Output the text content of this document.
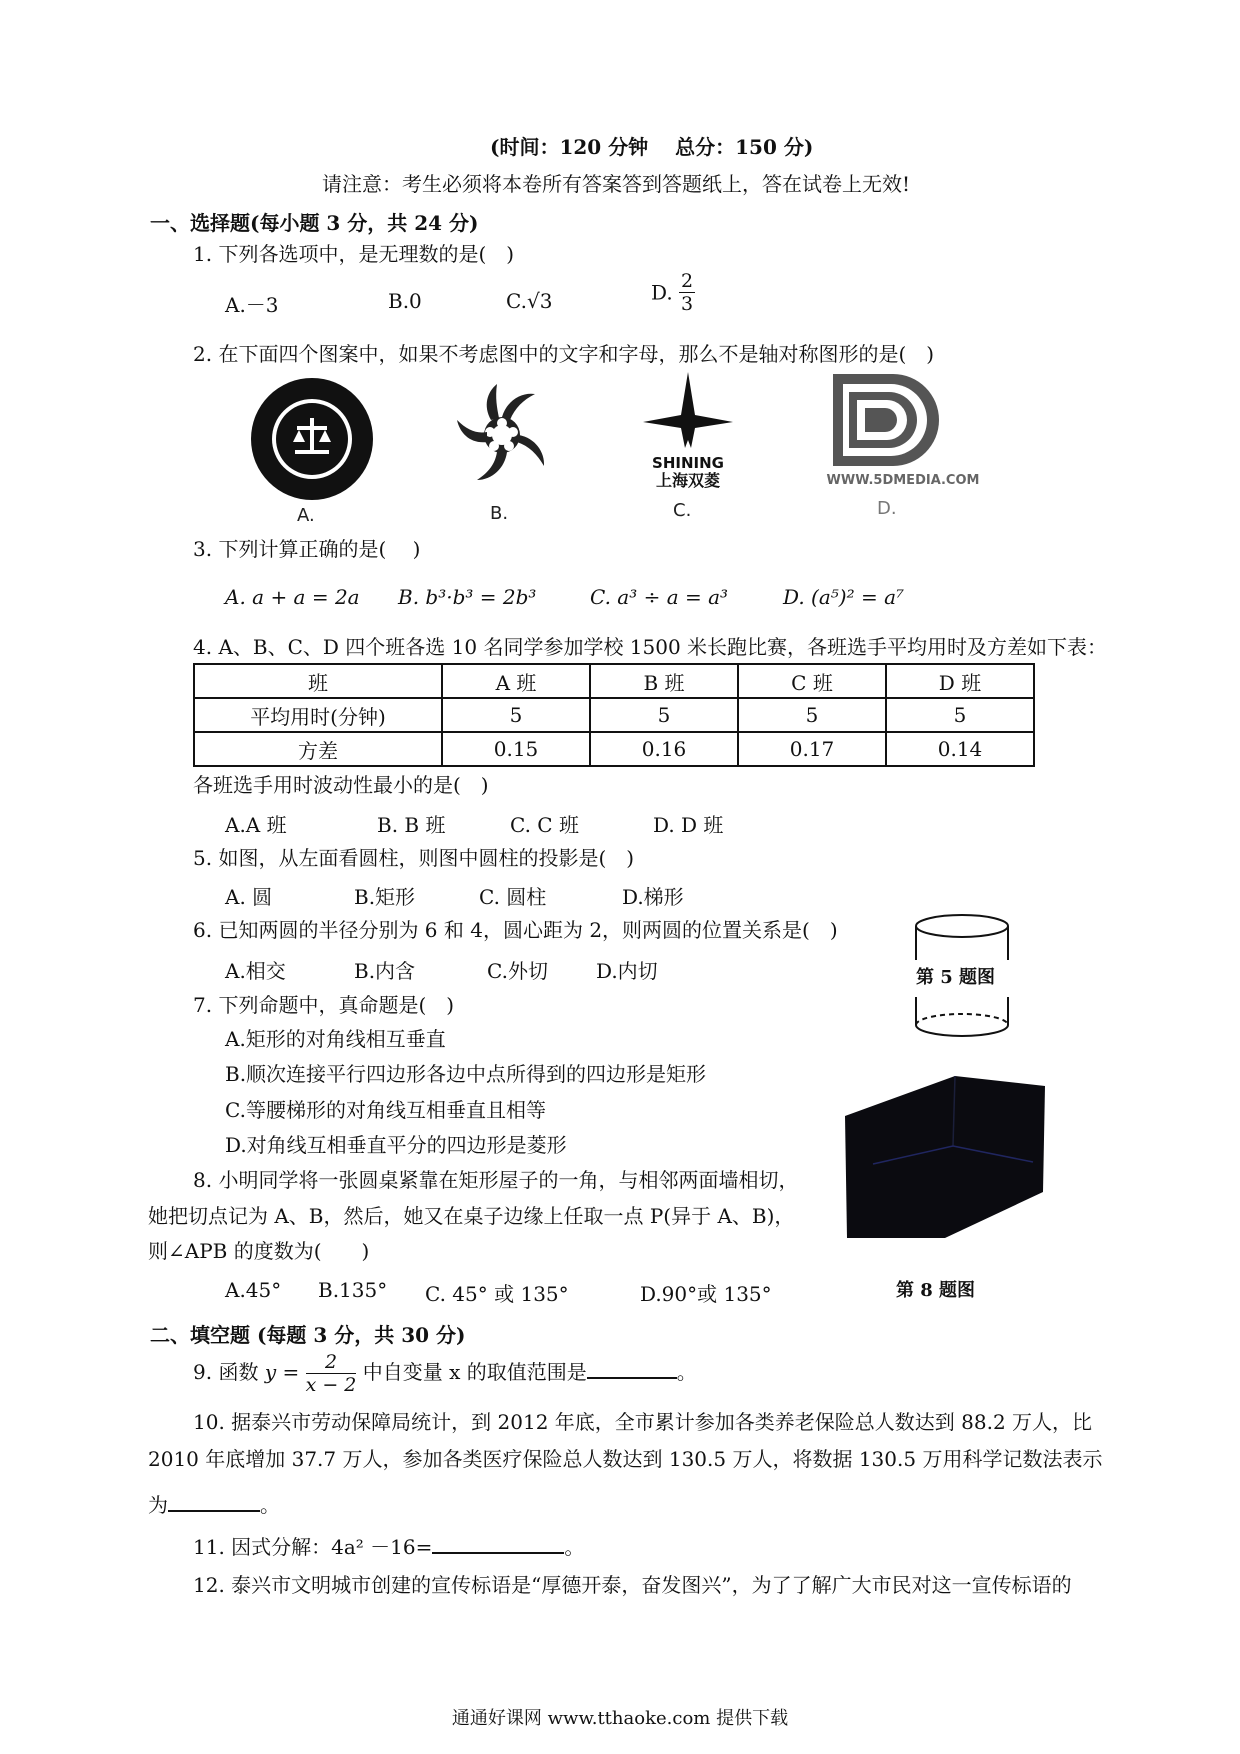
(时间：120 分钟　 总分：150 分)
请注意：考生必须将本卷所有答案答到答题纸上，答在试卷上无效!
一、选择题(每小题 3 分，共 24 分)
1. 下列各选项中，是无理数的是(　)
A.－3	B.0	C.√3	D. $\frac{2}{3}$
2. 在下面四个图案中，如果不考虑图中的文字和字母，那么不是轴对称图形的是(　)
SHINING
上海双菱	WWW.5DMEDIA.COM
A.	B.	C.	D.
3. 下列计算正确的是(　 )
A. a + a = 2a B. b³·b³ = 2b³	C. a³ ÷ a = a³	D. (a⁵)² = a⁷
4. A、B、C、D 四个班各选 10 名同学参加学校 1500 米长跑比赛，各班选手平均用时及方差如下表：
班	A 班	B 班	C 班	D 班
平均用时(分钟)	5	5	5	5
方差	0.15	0.16	0.17	0.14
各班选手用时波动性最小的是(　)
A.A 班	B. B 班	C. C 班	D. D 班
5. 如图，从左面看圆柱，则图中圆柱的投影是(　)
A. 圆	B.矩形	C. 圆柱	D.梯形
6. 已知两圆的半径分别为 6 和 4，圆心距为 2，则两圆的位置关系是(　)
A.相交	B.内含	C.外切 D.内切	第 5 题图
7. 下列命题中，真命题是(　)
A.矩形的对角线相互垂直
B.顺次连接平行四边形各边中点所得到的四边形是矩形
C.等腰梯形的对角线互相垂直且相等
D.对角线互相垂直平分的四边形是菱形
8. 小明同学将一张圆桌紧靠在矩形屋子的一角，与相邻两面墙相切，
她把切点记为 A、B，然后，她又在桌子边缘上任取一点 P(异于 A、B)，
则∠APB 的度数为(　　)
A.45° B.135° C. 45° 或 135°	D.90°或 135°	第 8 题图
二、填空题 (每题 3 分，共 30 分)
9. 函数 $y = \frac{2}{x - 2}$ 中自变量 x 的取值范围是	。
10. 据泰兴市劳动保障局统计，到 2012 年底，全市累计参加各类养老保险总人数达到 88.2 万人，比
2010 年底增加 37.7 万人，参加各类医疗保险总人数达到 130.5 万人，将数据 130.5 万用科学记数法表示
为	。
11. 因式分解：4a² －16=	。
12. 泰兴市文明城市创建的宣传标语是“厚德开泰，奋发图兴”，为了了解广大市民对这一宣传标语的
通通好课网 www.tthaoke.com 提供下载
